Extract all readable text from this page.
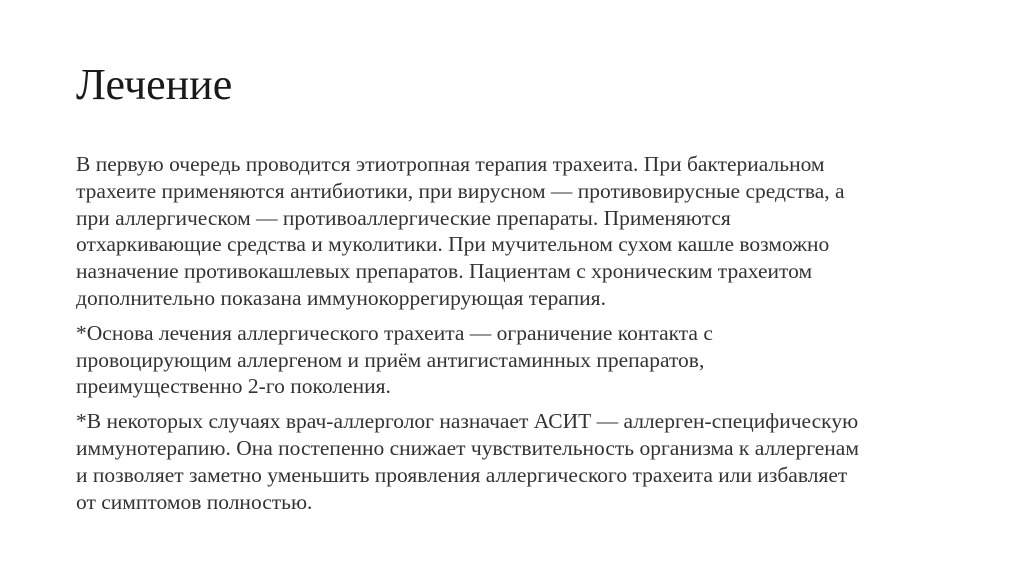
Лечение

В первую очередь проводится этиотропная терапия трахеита. При бактериальном
трахеите применяются антибиотики, при вирусном — противовирусные средства, а
при аллергическом — противоаллергические препараты. Применяются
отхаркивающие средства и муколитики. При мучительном сухом кашле возможно
назначение противокашлевых препаратов. Пациентам с хроническим трахеитом
дополнительно показана иммунокоррегирующая терапия.

*Основа лечения аллергического трахеита — ограничение контакта с
провоцирующим аллергеном и приём антигистаминных препаратов,
преимущественно 2-го поколения.

*В некоторых случаях врач-аллерголог назначает АСИТ — аллерген-специфическую
иммунотерапию. Она постепенно снижает чувствительность организма к аллергенам
и позволяет заметно уменьшить проявления аллергического трахеита или избавляет
от симптомов полностью.
